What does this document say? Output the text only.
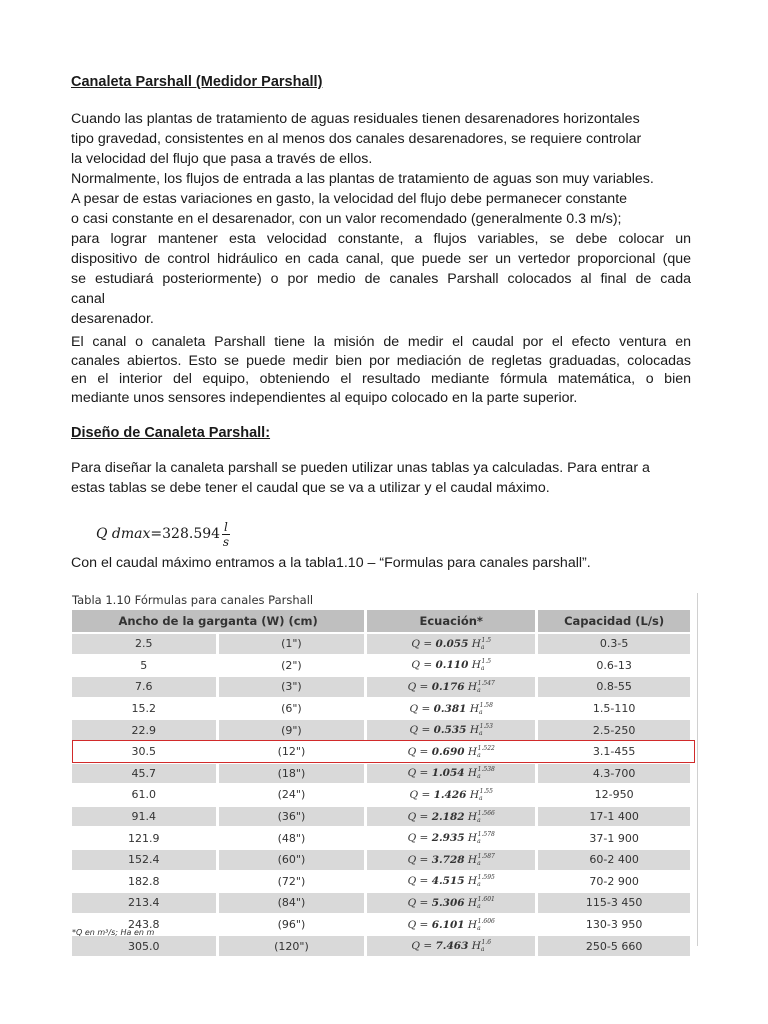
Canaleta Parshall (Medidor Parshall)
Cuando las plantas de tratamiento de aguas residuales tienen desarenadores horizontales
tipo gravedad, consistentes en al menos dos canales desarenadores, se requiere controlar
la velocidad del flujo que pasa a través de ellos.
Normalmente, los flujos de entrada a las plantas de tratamiento de aguas son muy variables.
A pesar de estas variaciones en gasto, la velocidad del flujo debe permanecer constante
o casi constante en el desarenador, con un valor recomendado (generalmente 0.3 m/s);
para lograr mantener esta velocidad constante, a flujos variables, se debe colocar un
dispositivo de control hidráulico en cada canal, que puede ser un vertedor proporcional (que
se estudiará posteriormente) o por medio de canales Parshall colocados al final de cada
canal
desarenador.
El canal o canaleta Parshall tiene la misión de medir el caudal por el efecto ventura en
canales abiertos. Esto se puede medir bien por mediación de regletas graduadas, colocadas
en el interior del equipo, obteniendo el resultado mediante fórmula matemática, o bien
mediante unos sensores independientes al equipo colocado en la parte superior.
Diseño de Canaleta Parshall:
Para diseñar la canaleta parshall se pueden utilizar unas tablas ya calculadas. Para entrar a
estas tablas se debe tener el caudal que se va a utilizar y el caudal máximo.
Q $dmax =328.594 \frac{l}{s}$
Con el caudal máximo entramos a la tabla1.10 – “Formulas para canales parshall”.
Tabla 1.10 Fórmulas para canales Parshall
Ancho de la garganta (W) (cm)		Ecuación*	Capacidad (L/s)
2.5	(1")	Q = 0.055 $H_a^{1.5}$	0.3-5
5	(2")	Q = 0.110 $H_a^{1.5}$	0.6-13
7.6	(3")	Q = 0.176 $H_a^{1.547}$	0.8-55
15.2	(6")	Q = 0.381 $H_a^{1.58}$	1.5-110
22.9	(9")	Q = 0.535 $H_a^{1.53}$	2.5-250
30.5	(12")	Q = 0.690 $H_a^{1.522}$	3.1-455
45.7	(18")	Q = 1.054 $H_a^{1.538}$	4.3-700
61.0	(24")	Q = 1.426 $H_a^{1.55}$	12-950
91.4	(36")	Q = 2.182 $H_a^{1.566}$	17-1 400
121.9	(48")	Q = 2.935 $H_a^{1.578}$	37-1 900
152.4	(60")	Q = 3.728 $H_a^{1.587}$	60-2 400
182.8	(72")	Q = 4.515 $H_a^{1.595}$	70-2 900
213.4	(84")	Q = 5.306 $H_a^{1.601}$	115-3 450
243.8	(96")	Q = 6.101 $H_a^{1.606}$	130-3 950
305.0	(120")	Q = 7.463 $H_a^{1.6}$	250-5 660
*Q en m³/s; Ha en m
